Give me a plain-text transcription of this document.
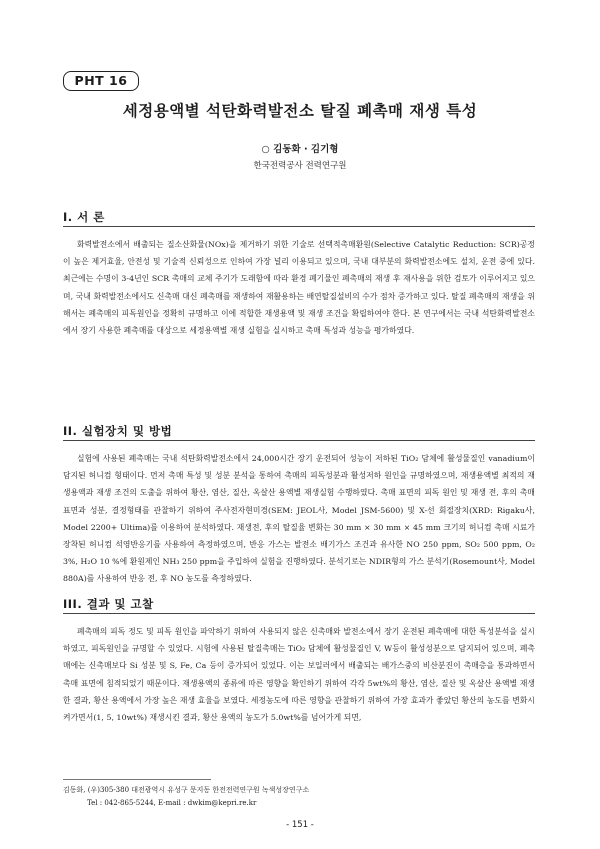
PHT 16
세정용액별 석탄화력발전소 탈질 폐촉매 재생 특성
○ 김동화 · 김기형
한국전력공사 전력연구원
I. 서 론

화력발전소에서 배출되는 질소산화물(NOx)을 제거하기 위한 기술로 선택적촉매환원(Selective Catalytic Reduction: SCR)공정이 높은 제거효율, 안전성 및 기술적 신뢰성으로 인하여 가장 널리 이용되고 있으며, 국내 대부분의 화력발전소에도 설치, 운전 중에 있다. 최근에는 수명이 3-4년인 SCR 촉매의 교체 주기가 도래함에 따라 환경 폐기물인 폐촉매의 재생 후 재사용을 위한 검토가 이루어지고 있으며, 국내 화력발전소에서도 신촉매 대신 폐촉매를 재생하여 재활용하는 배연탈질설비의 수가 점차 증가하고 있다. 탈질 폐촉매의 재생을 위해서는 폐촉매의 피독원인을 정확히 규명하고 이에 적합한 재생용액 및 재생 조건을 확립하여야 한다. 본 연구에서는 국내 석탄화력발전소에서 장기 사용한 폐촉매를 대상으로 세정용액별 재생 실험을 실시하고 촉매 특성과 성능을 평가하였다.

II. 실험장치 및 방법

실험에 사용된 폐촉매는 국내 석탄화력발전소에서 24,000시간 장기 운전되어 성능이 저하된 TiO₂ 담체에 활성물질인 vanadium이 담지된 허니컴 형태이다. 먼저 촉매 특성 및 성분 분석을 통하여 촉매의 피독성분과 활성저하 원인을 규명하였으며, 재생용액별 최적의 재생용액과 재생 조건의 도출을 위하여 황산, 염산, 질산, 옥살산 용액별 재생실험 수행하였다. 촉매 표면의 피독 원인 및 재생 전, 후의 촉매 표면과 성분, 결정형태를 관찰하기 위하여 주사전자현미경(SEM: JEOL사, Model JSM-5600) 및 X-선 회절장치(XRD: Rigaku사, Model 2200+ Ultima)를 이용하여 분석하였다. 재생전, 후의 탈질율 변화는 30 mm × 30 mm × 45 mm 크기의 허니컴 촉매 시료가 장착된 허니컴 석영반응기를 사용하여 측정하였으며, 반응 가스는 발전소 배기가스 조건과 유사한 NO 250 ppm, SO₂ 500 ppm, O₂ 3%, H₂O 10 %에 환원제인 NH₃ 250 ppm을 주입하여 실험을 진행하였다. 분석기로는 NDIR형의 가스 분석기(Rosemount사, Model 880A)를 사용하여 반응 전, 후 NO 농도를 측정하였다.

III. 결과 및 고찰

폐촉매의 피독 정도 및 피독 원인을 파악하기 위하여 사용되지 않은 신촉매와 발전소에서 장기 운전된 폐촉매에 대한 특성분석을 실시하였고, 피독원인을 규명할 수 있었다. 시험에 사용된 탈질촉매는 TiO₂ 담체에 활성물질인 V, W등이 활성성분으로 담지되어 있으며, 폐촉매에는 신촉매보다 Si 성분 및 S, Fe, Ca 등이 증가되어 있었다. 이는 보일러에서 배출되는 배가스중의 비산분진이 촉매층을 통과하면서 촉매 표면에 침적되었기 때문이다. 재생용액의 종류에 따른 영향을 확인하기 위하여 각각 5wt%의 황산, 염산, 질산 및 옥살산 용액별 재생한 결과, 황산 용액에서 가장 높은 재생 효율을 보였다. 세정농도에 따른 영향을 관찰하기 위하여 가장 효과가 좋았던 황산의 농도를 변화시켜가면서(1, 5, 10wt%) 재생시킨 결과, 황산 용액의 농도가 5.0wt%를 넘어가게 되면,

김동화, (우)305-380 대전광역시 유성구 문지동 한전전력연구원 녹색성장연구소
Tel : 042-865-5244, E-mail : dwkim@kepri.re.kr
- 151 -
